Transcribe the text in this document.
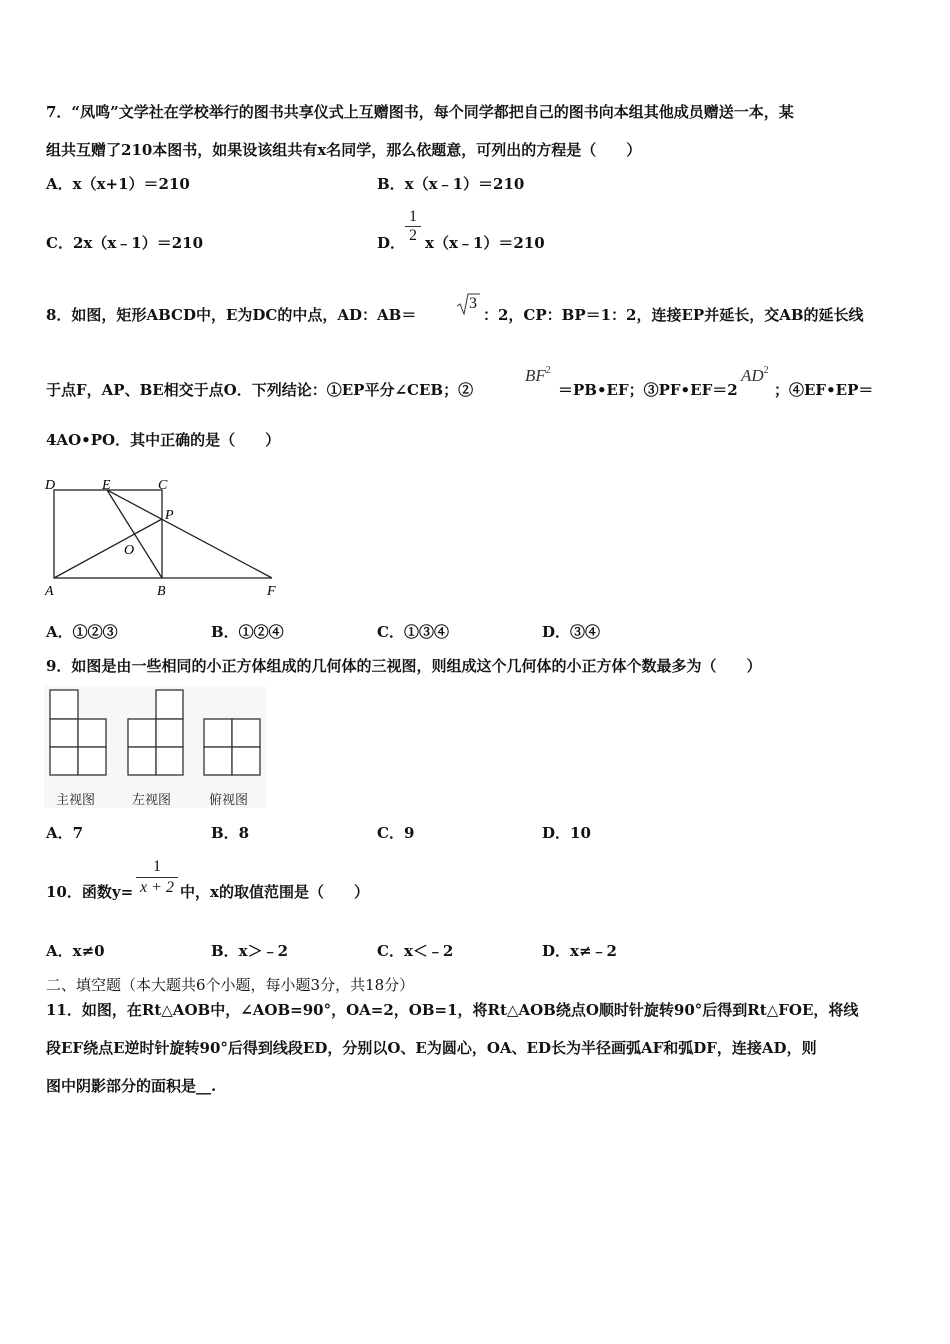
7．“凤鸣”文学社在学校举行的图书共享仪式上互赠图书，每个同学都把自己的图书向本组其他成员赠送一本，某
组共互赠了210本图书，如果设该组共有x名同学，那么依题意，可列出的方程是（　　）
A．x（x+1）＝210	B．x（x﹣1）＝210
C．2x（x﹣1）＝210	D． $\frac{1}{2}$ x（x﹣1）＝210
8．如图，矩形ABCD中，E为DC的中点，AD：AB＝
3
：2，CP：BP＝1：2，连接EP并延长，交AB的延长线
于点F，AP、BE相交于点O．下列结论：①EP平分∠CEB；②
$BF^2$
＝PB•EF；③PF•EF＝2
$AD^2$
；④EF•EP＝
4AO•PO．其中正确的是（　　）
D	E	C
P
O
A	B	F
A．①②③	B．①②④	C．①③④	D．③④
9．如图是由一些相同的小正方体组成的几何体的三视图，则组成这个几何体的小正方体个数最多为（　　）
主视图	左视图	俯视图
A．7	B．8	C．9	D．10
10．函数$y= \frac{1}{x + 2}$ 中，x的取值范围是（　　）
A．x≠0	B．x＞﹣2	C．x＜﹣2	D．x≠﹣2
二、填空题（本大题共6个小题，每小题3分，共18分）
11．如图，在Rt△AOB中，∠AOB=90°，OA=2，OB=1，将Rt△AOB绕点O顺时针旋转90°后得到Rt△FOE，将线
段EF绕点E逆时针旋转90°后得到线段ED，分别以O、E为圆心，OA、ED长为半径画弧AF和弧DF，连接AD，则
图中阴影部分的面积是__.
